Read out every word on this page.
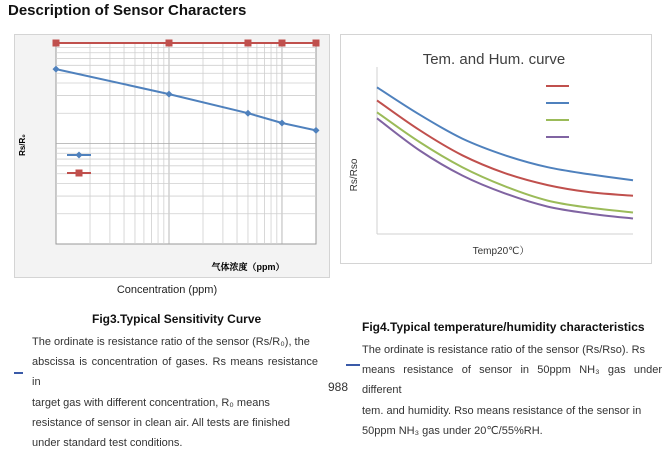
Description of Sensor Characters
Rs/R₀
气体浓度（ppm）
Concentration (ppm)
Tem. and Hum. curve
Rs/Rso
Temp20℃）
Fig3.Typical Sensitivity Curve
The ordinate is resistance ratio of the sensor (Rs/R₀), the
abscissa is concentration of gases. Rs means resistance in
target gas with different concentration, R₀ means
resistance of sensor in clean air. All tests are finished
under standard test conditions.
Fig4.Typical temperature/humidity characteristics
The ordinate is resistance ratio of the sensor (Rs/Rso). Rs
means resistance of sensor in 50ppm NH₃ gas under different
tem. and humidity. Rso means resistance of the sensor in
50ppm NH₃ gas under 20℃/55%RH.
988
